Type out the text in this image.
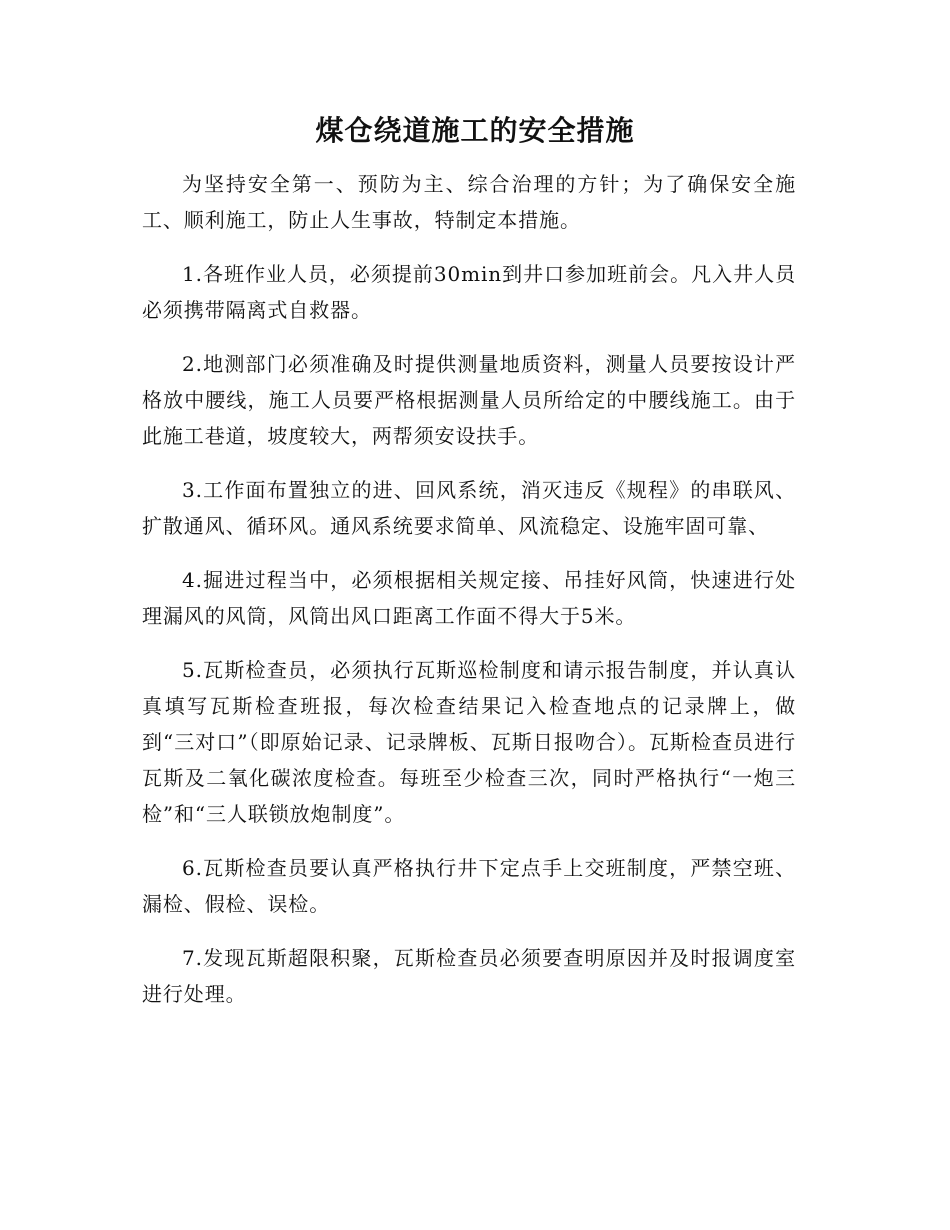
煤仓绕道施工的安全措施

为坚持安全第一、预防为主、综合治理的方针；为了确保安全施工、顺利施工，防止人生事故，特制定本措施。

1.各班作业人员，必须提前30min到井口参加班前会。凡入井人员必须携带隔离式自救器。

2.地测部门必须准确及时提供测量地质资料，测量人员要按设计严格放中腰线，施工人员要严格根据测量人员所给定的中腰线施工。由于此施工巷道，坡度较大，两帮须安设扶手。

3.工作面布置独立的进、回风系统，消灭违反《规程》的串联风、扩散通风、循环风。通风系统要求简单、风流稳定、设施牢固可靠、

4.掘进过程当中，必须根据相关规定接、吊挂好风筒，快速进行处理漏风的风筒，风筒出风口距离工作面不得大于5米。

5.瓦斯检查员，必须执行瓦斯巡检制度和请示报告制度，并认真认真填写瓦斯检查班报，每次检查结果记入检查地点的记录牌上，做到“三对口”（即原始记录、记录牌板、瓦斯日报吻合）。瓦斯检查员进行瓦斯及二氧化碳浓度检查。每班至少检查三次，同时严格执行“一炮三检”和“三人联锁放炮制度”。

6.瓦斯检查员要认真严格执行井下定点手上交班制度，严禁空班、漏检、假检、误检。

7.发现瓦斯超限积聚，瓦斯检查员必须要查明原因并及时报调度室进行处理。
